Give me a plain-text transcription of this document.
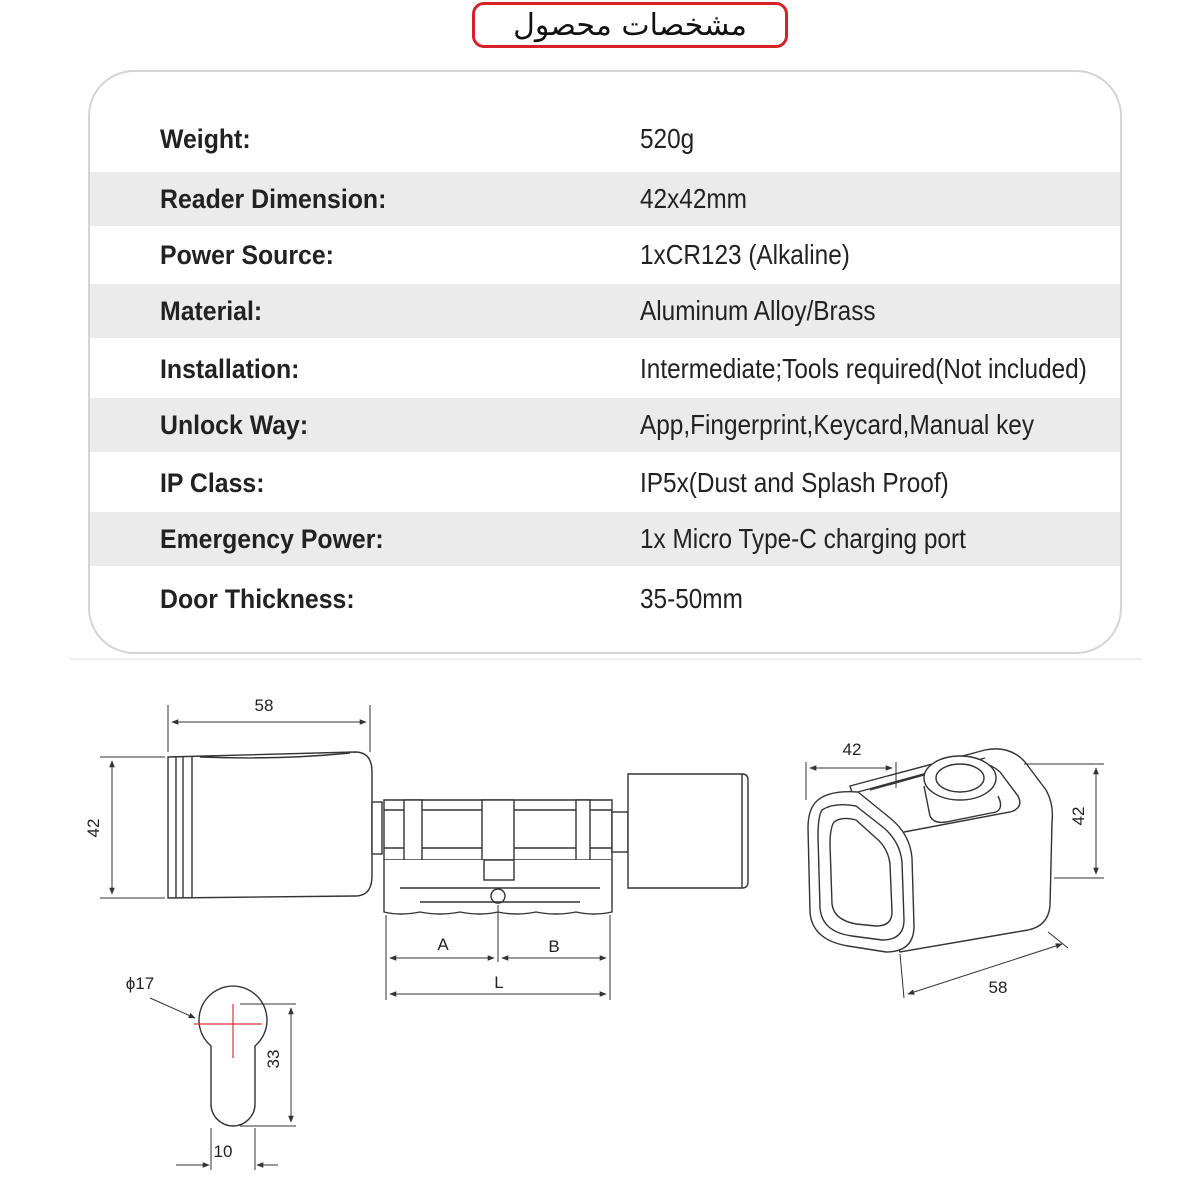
مشخصات محصول
Weight:	520g
Reader Dimension:	42x42mm
Power Source:	1xCR123 (Alkaline)
Material:	Aluminum Alloy/Brass
Installation:	Intermediate;Tools required(Not included)
Unlock Way:	App,Fingerprint,Keycard,Manual key
IP Class:	IP5x(Dust and Splash Proof)
Emergency Power:	1x Micro Type-C charging port
Door Thickness:	35-50mm
58
42
A	B
L
42
42
58
ϕ17
33
10
